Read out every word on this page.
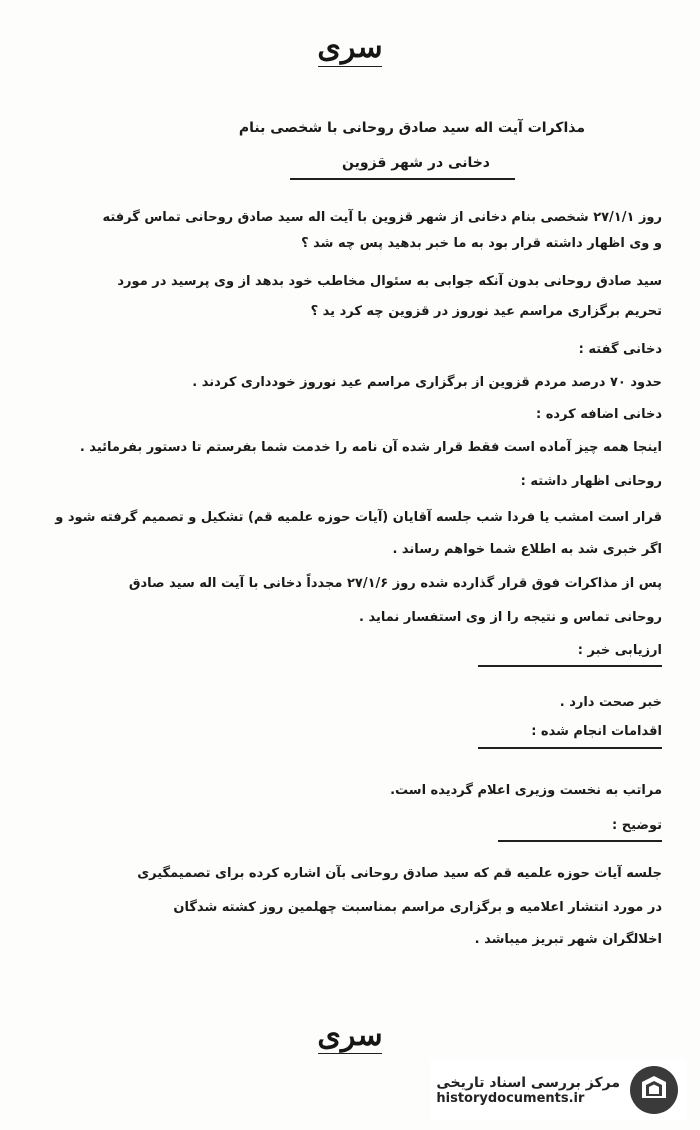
سری
مذاکرات آیت اله سید صادق روحانی با شخصی بنام
دخانی در شهر قزوین
روز ۲۷/۱/۱ شخصی بنام دخانی از شهر قزوین با آیت اله سید صادق روحانی تماس گرفته
و وی اظهار داشته قرار بود به ما خبر بدهید پس چه شد ؟
سید صادق روحانی بدون آنکه جوابی به سئوال مخاطب خود بدهد از وی پرسید در مورد
تحریم برگزاری مراسم عید نوروز در قزوین چه کرد ید ؟
دخانی گفته :
حدود ۷۰ درصد مردم قزوین از برگزاری مراسم عید نوروز خودداری کردند .
دخانی اضافه کرده :
اینجا همه چیز آماده است فقط قرار شده آن نامه را خدمت شما بفرستم تا دستور بفرمائید .
روحانی اظهار داشته :
قرار است امشب یا فردا شب جلسه آقایان (آیات حوزه علمیه قم) تشکیل و تصمیم گرفته شود و
اگر خبری شد به اطلاع شما خواهم رساند .
پس از مذاکرات فوق قرار گذارده شده روز ۲۷/۱/۶ مجدداً دخانی با آیت اله سید صادق
روحانی تماس و نتیجه را از وی استفسار نماید .
ارزیابی خبر :
خبر صحت دارد .
اقدامات انجام شده :
مراتب به نخست وزیری اعلام گردیده است.
توضیح :
جلسه آیات حوزه علمیه قم که سید صادق روحانی بآن اشاره کرده برای تصمیمگیری
در مورد انتشار اعلامیه و برگزاری مراسم بمناسبت چهلمین روز کشته شدگان
اخلالگران شهر تبریز میباشد .
سری
مرکز بررسی اسناد تاریخی
historydocuments.ir
